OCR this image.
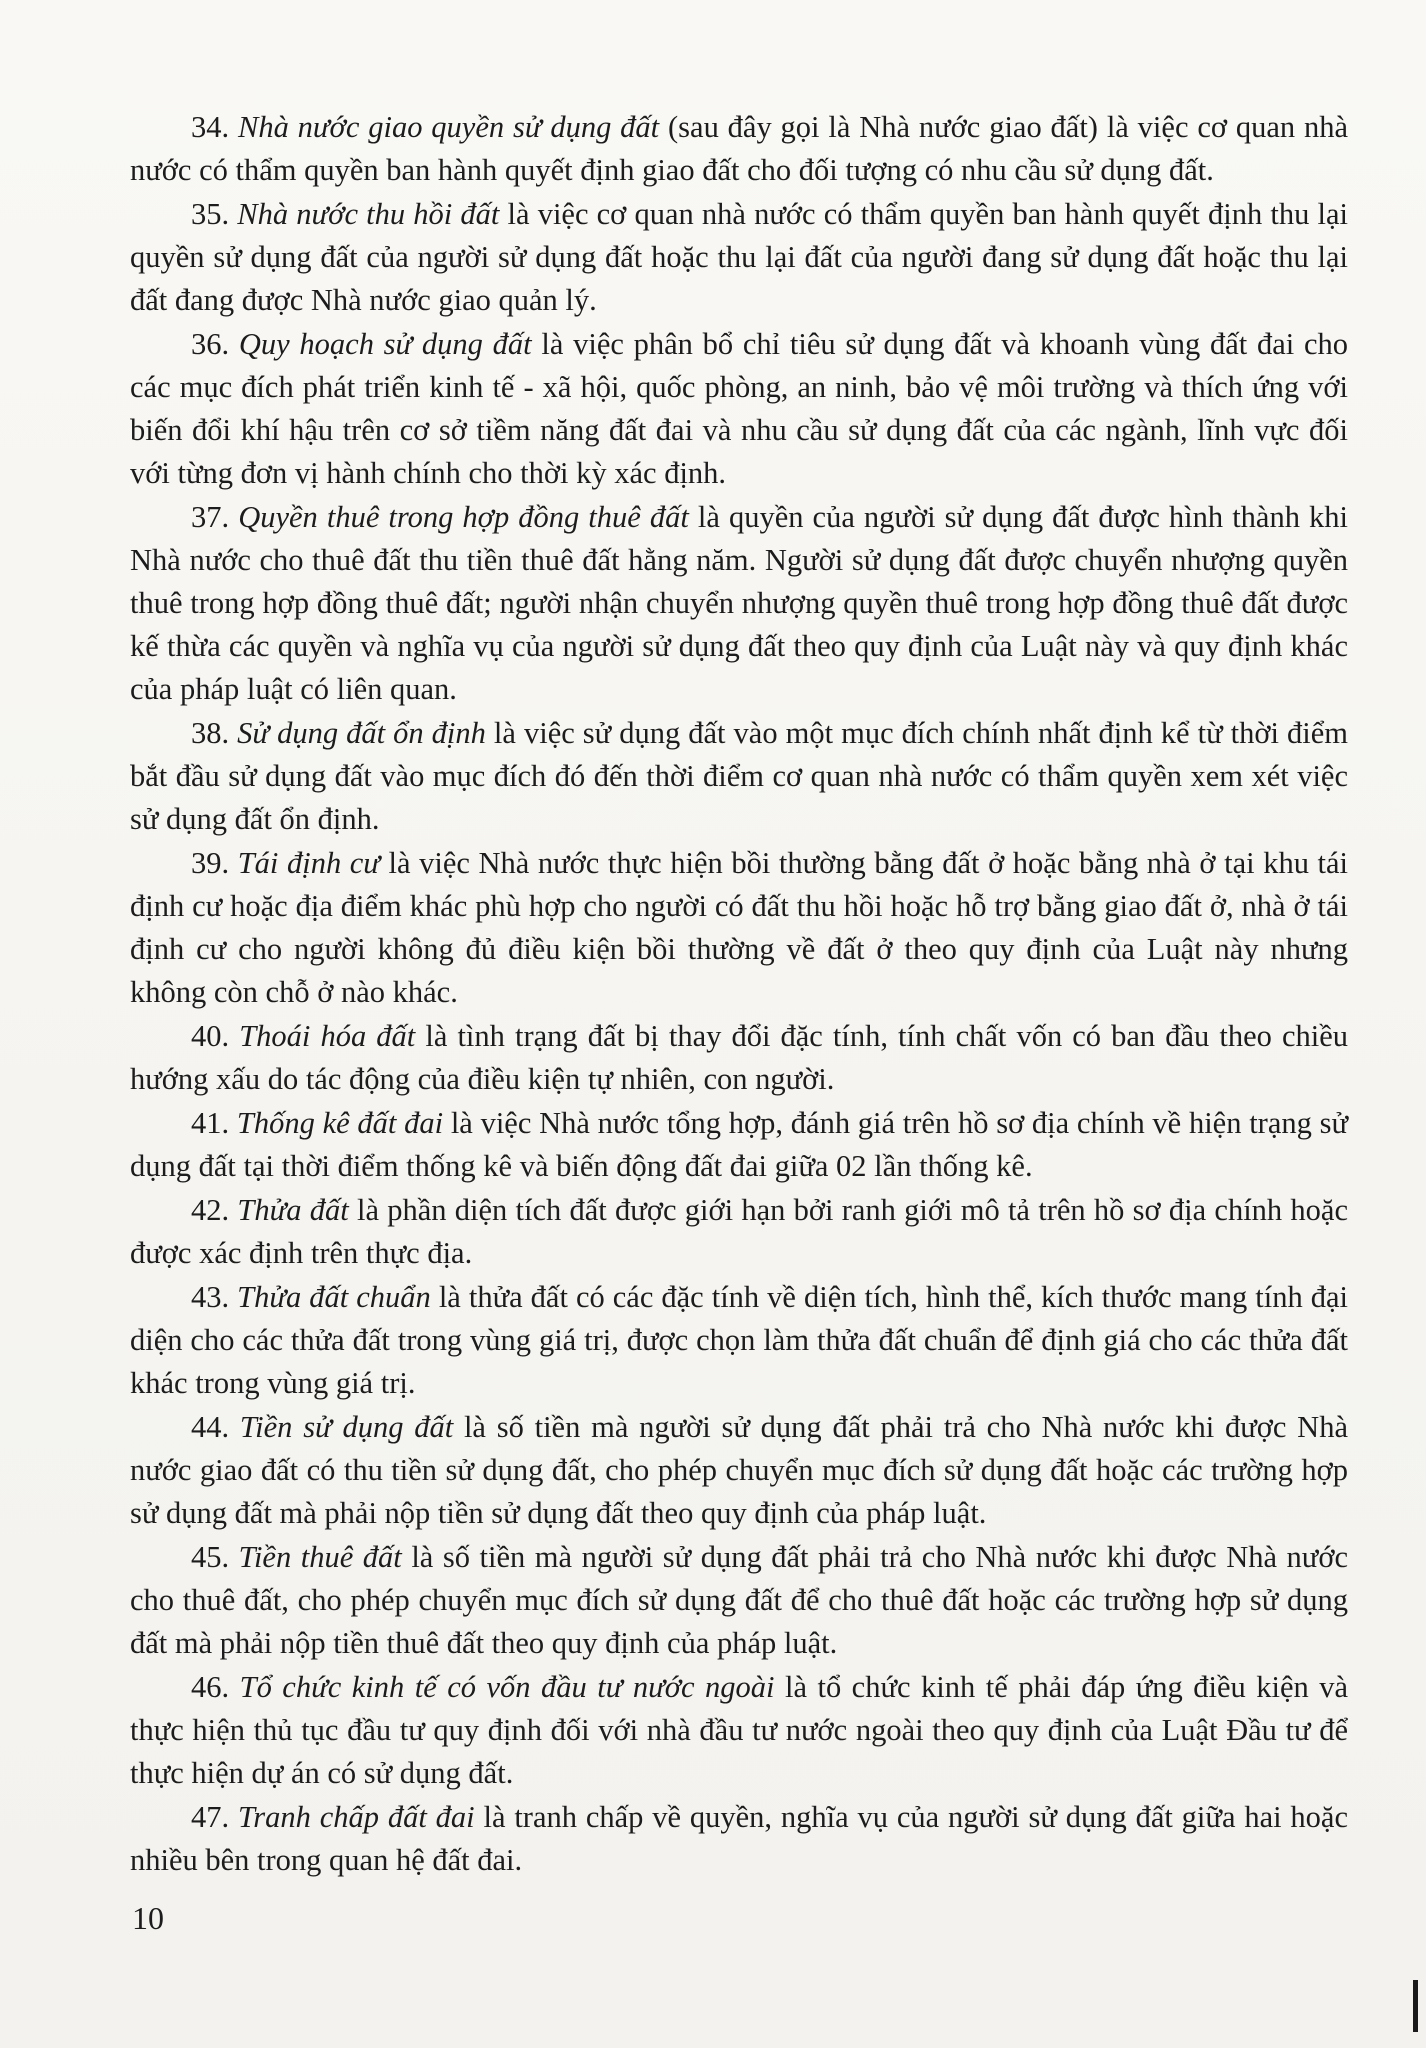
34. Nhà nước giao quyền sử dụng đất (sau đây gọi là Nhà nước giao đất) là việc cơ quan nhà nước có thẩm quyền ban hành quyết định giao đất cho đối tượng có nhu cầu sử dụng đất.

35. Nhà nước thu hồi đất là việc cơ quan nhà nước có thẩm quyền ban hành quyết định thu lại quyền sử dụng đất của người sử dụng đất hoặc thu lại đất của người đang sử dụng đất hoặc thu lại đất đang được Nhà nước giao quản lý.

36. Quy hoạch sử dụng đất là việc phân bổ chỉ tiêu sử dụng đất và khoanh vùng đất đai cho các mục đích phát triển kinh tế - xã hội, quốc phòng, an ninh, bảo vệ môi trường và thích ứng với biến đổi khí hậu trên cơ sở tiềm năng đất đai và nhu cầu sử dụng đất của các ngành, lĩnh vực đối với từng đơn vị hành chính cho thời kỳ xác định.

37. Quyền thuê trong hợp đồng thuê đất là quyền của người sử dụng đất được hình thành khi Nhà nước cho thuê đất thu tiền thuê đất hằng năm. Người sử dụng đất được chuyển nhượng quyền thuê trong hợp đồng thuê đất; người nhận chuyển nhượng quyền thuê trong hợp đồng thuê đất được kế thừa các quyền và nghĩa vụ của người sử dụng đất theo quy định của Luật này và quy định khác của pháp luật có liên quan.

38. Sử dụng đất ổn định là việc sử dụng đất vào một mục đích chính nhất định kể từ thời điểm bắt đầu sử dụng đất vào mục đích đó đến thời điểm cơ quan nhà nước có thẩm quyền xem xét việc sử dụng đất ổn định.

39. Tái định cư là việc Nhà nước thực hiện bồi thường bằng đất ở hoặc bằng nhà ở tại khu tái định cư hoặc địa điểm khác phù hợp cho người có đất thu hồi hoặc hỗ trợ bằng giao đất ở, nhà ở tái định cư cho người không đủ điều kiện bồi thường về đất ở theo quy định của Luật này nhưng không còn chỗ ở nào khác.

40. Thoái hóa đất là tình trạng đất bị thay đổi đặc tính, tính chất vốn có ban đầu theo chiều hướng xấu do tác động của điều kiện tự nhiên, con người.

41. Thống kê đất đai là việc Nhà nước tổng hợp, đánh giá trên hồ sơ địa chính về hiện trạng sử dụng đất tại thời điểm thống kê và biến động đất đai giữa 02 lần thống kê.

42. Thửa đất là phần diện tích đất được giới hạn bởi ranh giới mô tả trên hồ sơ địa chính hoặc được xác định trên thực địa.

43. Thửa đất chuẩn là thửa đất có các đặc tính về diện tích, hình thể, kích thước mang tính đại diện cho các thửa đất trong vùng giá trị, được chọn làm thửa đất chuẩn để định giá cho các thửa đất khác trong vùng giá trị.

44. Tiền sử dụng đất là số tiền mà người sử dụng đất phải trả cho Nhà nước khi được Nhà nước giao đất có thu tiền sử dụng đất, cho phép chuyển mục đích sử dụng đất hoặc các trường hợp sử dụng đất mà phải nộp tiền sử dụng đất theo quy định của pháp luật.

45. Tiền thuê đất là số tiền mà người sử dụng đất phải trả cho Nhà nước khi được Nhà nước cho thuê đất, cho phép chuyển mục đích sử dụng đất để cho thuê đất hoặc các trường hợp sử dụng đất mà phải nộp tiền thuê đất theo quy định của pháp luật.

46. Tổ chức kinh tế có vốn đầu tư nước ngoài là tổ chức kinh tế phải đáp ứng điều kiện và thực hiện thủ tục đầu tư quy định đối với nhà đầu tư nước ngoài theo quy định của Luật Đầu tư để thực hiện dự án có sử dụng đất.

47. Tranh chấp đất đai là tranh chấp về quyền, nghĩa vụ của người sử dụng đất giữa hai hoặc nhiều bên trong quan hệ đất đai.

10
